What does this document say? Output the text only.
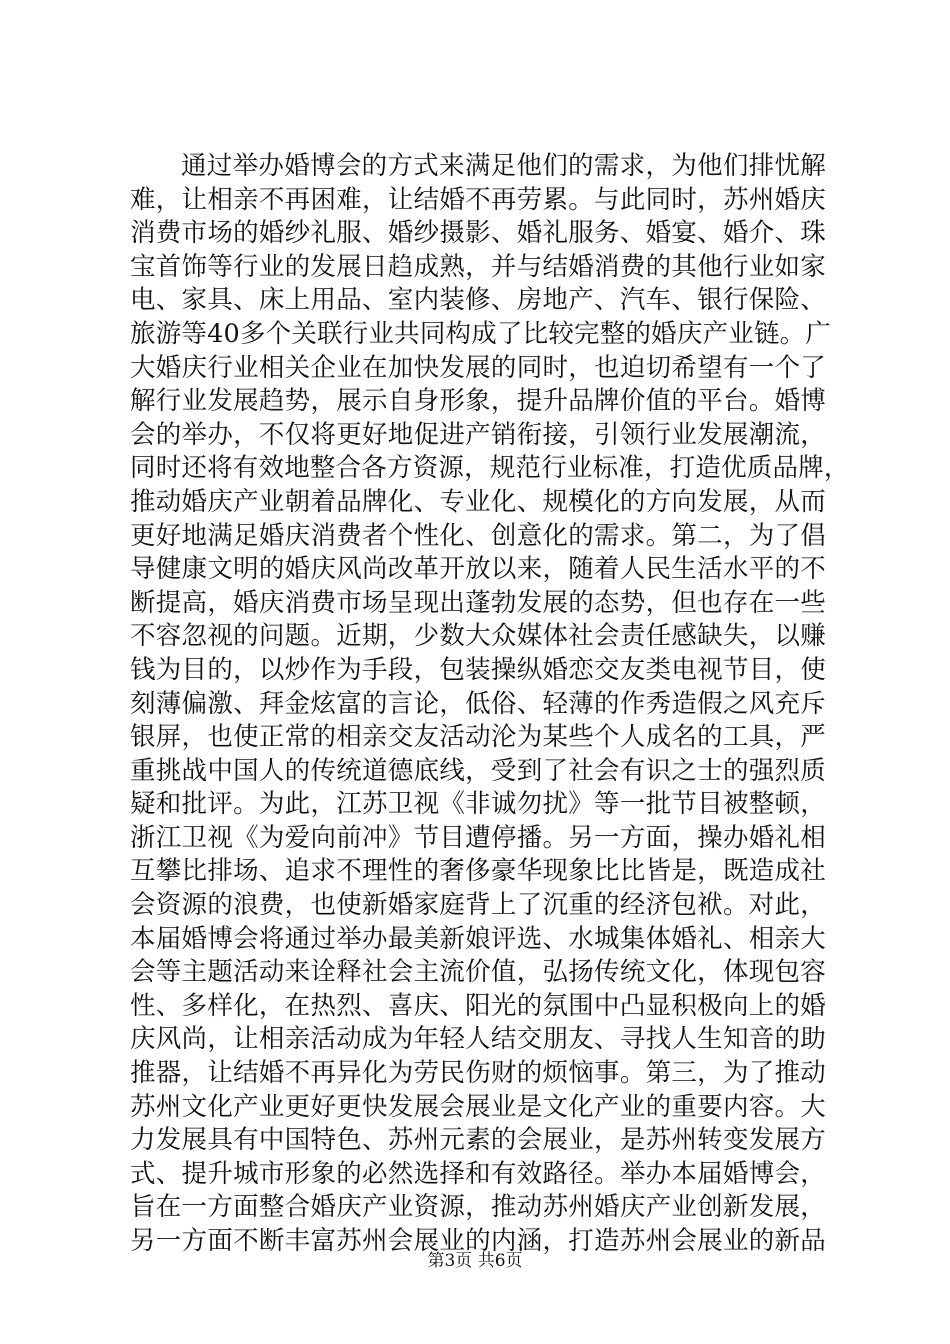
通过举办婚博会的方式来满足他们的需求，为他们排忧解
难，让相亲不再困难，让结婚不再劳累。与此同时，苏州婚庆
消费市场的婚纱礼服、婚纱摄影、婚礼服务、婚宴、婚介、珠
宝首饰等行业的发展日趋成熟，并与结婚消费的其他行业如家
电、家具、床上用品、室内装修、房地产、汽车、银行保险、
旅游等40多个关联行业共同构成了比较完整的婚庆产业链。广
大婚庆行业相关企业在加快发展的同时，也迫切希望有一个了
解行业发展趋势，展示自身形象，提升品牌价值的平台。婚博
会的举办，不仅将更好地促进产销衔接，引领行业发展潮流，
同时还将有效地整合各方资源，规范行业标准，打造优质品牌，
推动婚庆产业朝着品牌化、专业化、规模化的方向发展，从而
更好地满足婚庆消费者个性化、创意化的需求。第二，为了倡
导健康文明的婚庆风尚改革开放以来，随着人民生活水平的不
断提高，婚庆消费市场呈现出蓬勃发展的态势，但也存在一些
不容忽视的问题。近期，少数大众媒体社会责任感缺失，以赚
钱为目的，以炒作为手段，包装操纵婚恋交友类电视节目，使
刻薄偏激、拜金炫富的言论，低俗、轻薄的作秀造假之风充斥
银屏，也使正常的相亲交友活动沦为某些个人成名的工具，严
重挑战中国人的传统道德底线，受到了社会有识之士的强烈质
疑和批评。为此，江苏卫视《非诚勿扰》等一批节目被整顿，
浙江卫视《为爱向前冲》节目遭停播。另一方面，操办婚礼相
互攀比排场、追求不理性的奢侈豪华现象比比皆是，既造成社
会资源的浪费，也使新婚家庭背上了沉重的经济包袱。对此，
本届婚博会将通过举办最美新娘评选、水城集体婚礼、相亲大
会等主题活动来诠释社会主流价值，弘扬传统文化，体现包容
性、多样化，在热烈、喜庆、阳光的氛围中凸显积极向上的婚
庆风尚，让相亲活动成为年轻人结交朋友、寻找人生知音的助
推器，让结婚不再异化为劳民伤财的烦恼事。第三，为了推动
苏州文化产业更好更快发展会展业是文化产业的重要内容。大
力发展具有中国特色、苏州元素的会展业，是苏州转变发展方
式、提升城市形象的必然选择和有效路径。举办本届婚博会，
旨在一方面整合婚庆产业资源，推动苏州婚庆产业创新发展，
另一方面不断丰富苏州会展业的内涵，打造苏州会展业的新品
第3页 共6页
